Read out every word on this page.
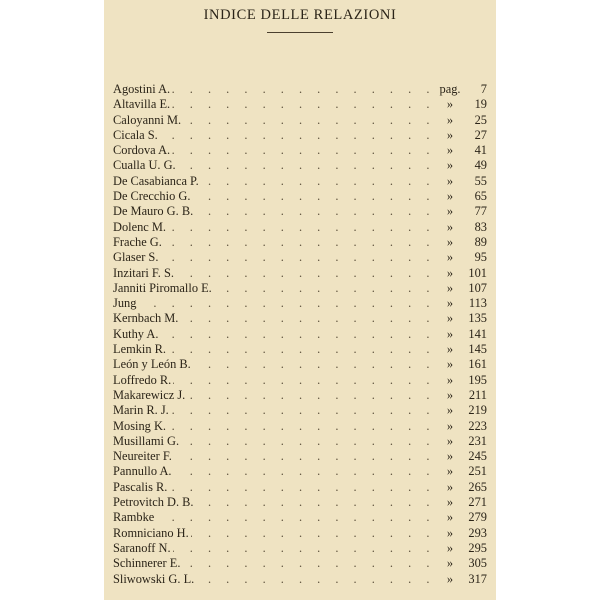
INDICE DELLE RELAZIONI
. . .
Agostini A.	pag.	7
. . .
Altavilla E.	»	19
. . .
Caloyanni M.	»	25
. . .
Cicala S.	»	27
. . .
Cordova A.	»	41
. . .
Cualla U. G.	»	49
. . .
De Casabianca P.	»	55
. . .
De Crecchio G.	»	65
. . .
De Mauro G. B.	»	77
. . .
Dolenc M.	»	83
. . .
Frache G.	»	89
. . .
Glaser S.	»	95
. . .
Inzitari F. S.	»	101
. . .
Janniti Piromallo E.	»	107
. . .
Jung	»	113
. . .
Kernbach M.	»	135
. . .
Kuthy A.	»	141
. . .
Lemkin R.	»	145
. . .
León y León B.	»	161
. . .
Loffredo R.	»	195
. . .
Makarewicz J.	»	211
. . .
Marin R. J.	»	219
. . .
Mosing K.	»	223
. . .
Musillami G.	»	231
. . .
Neureiter F.	»	245
. . .
Pannullo A.	»	251
. . .
Pascalis R.	»	265
. . .
Petrovitch D. B.	»	271
. . .
Rambke	»	279
. . .
Romniciano H.	»	293
. . .
Saranoff N.	»	295
. . .
Schinnerer E.	»	305
. . .
Sliwowski G. L.	»	317
